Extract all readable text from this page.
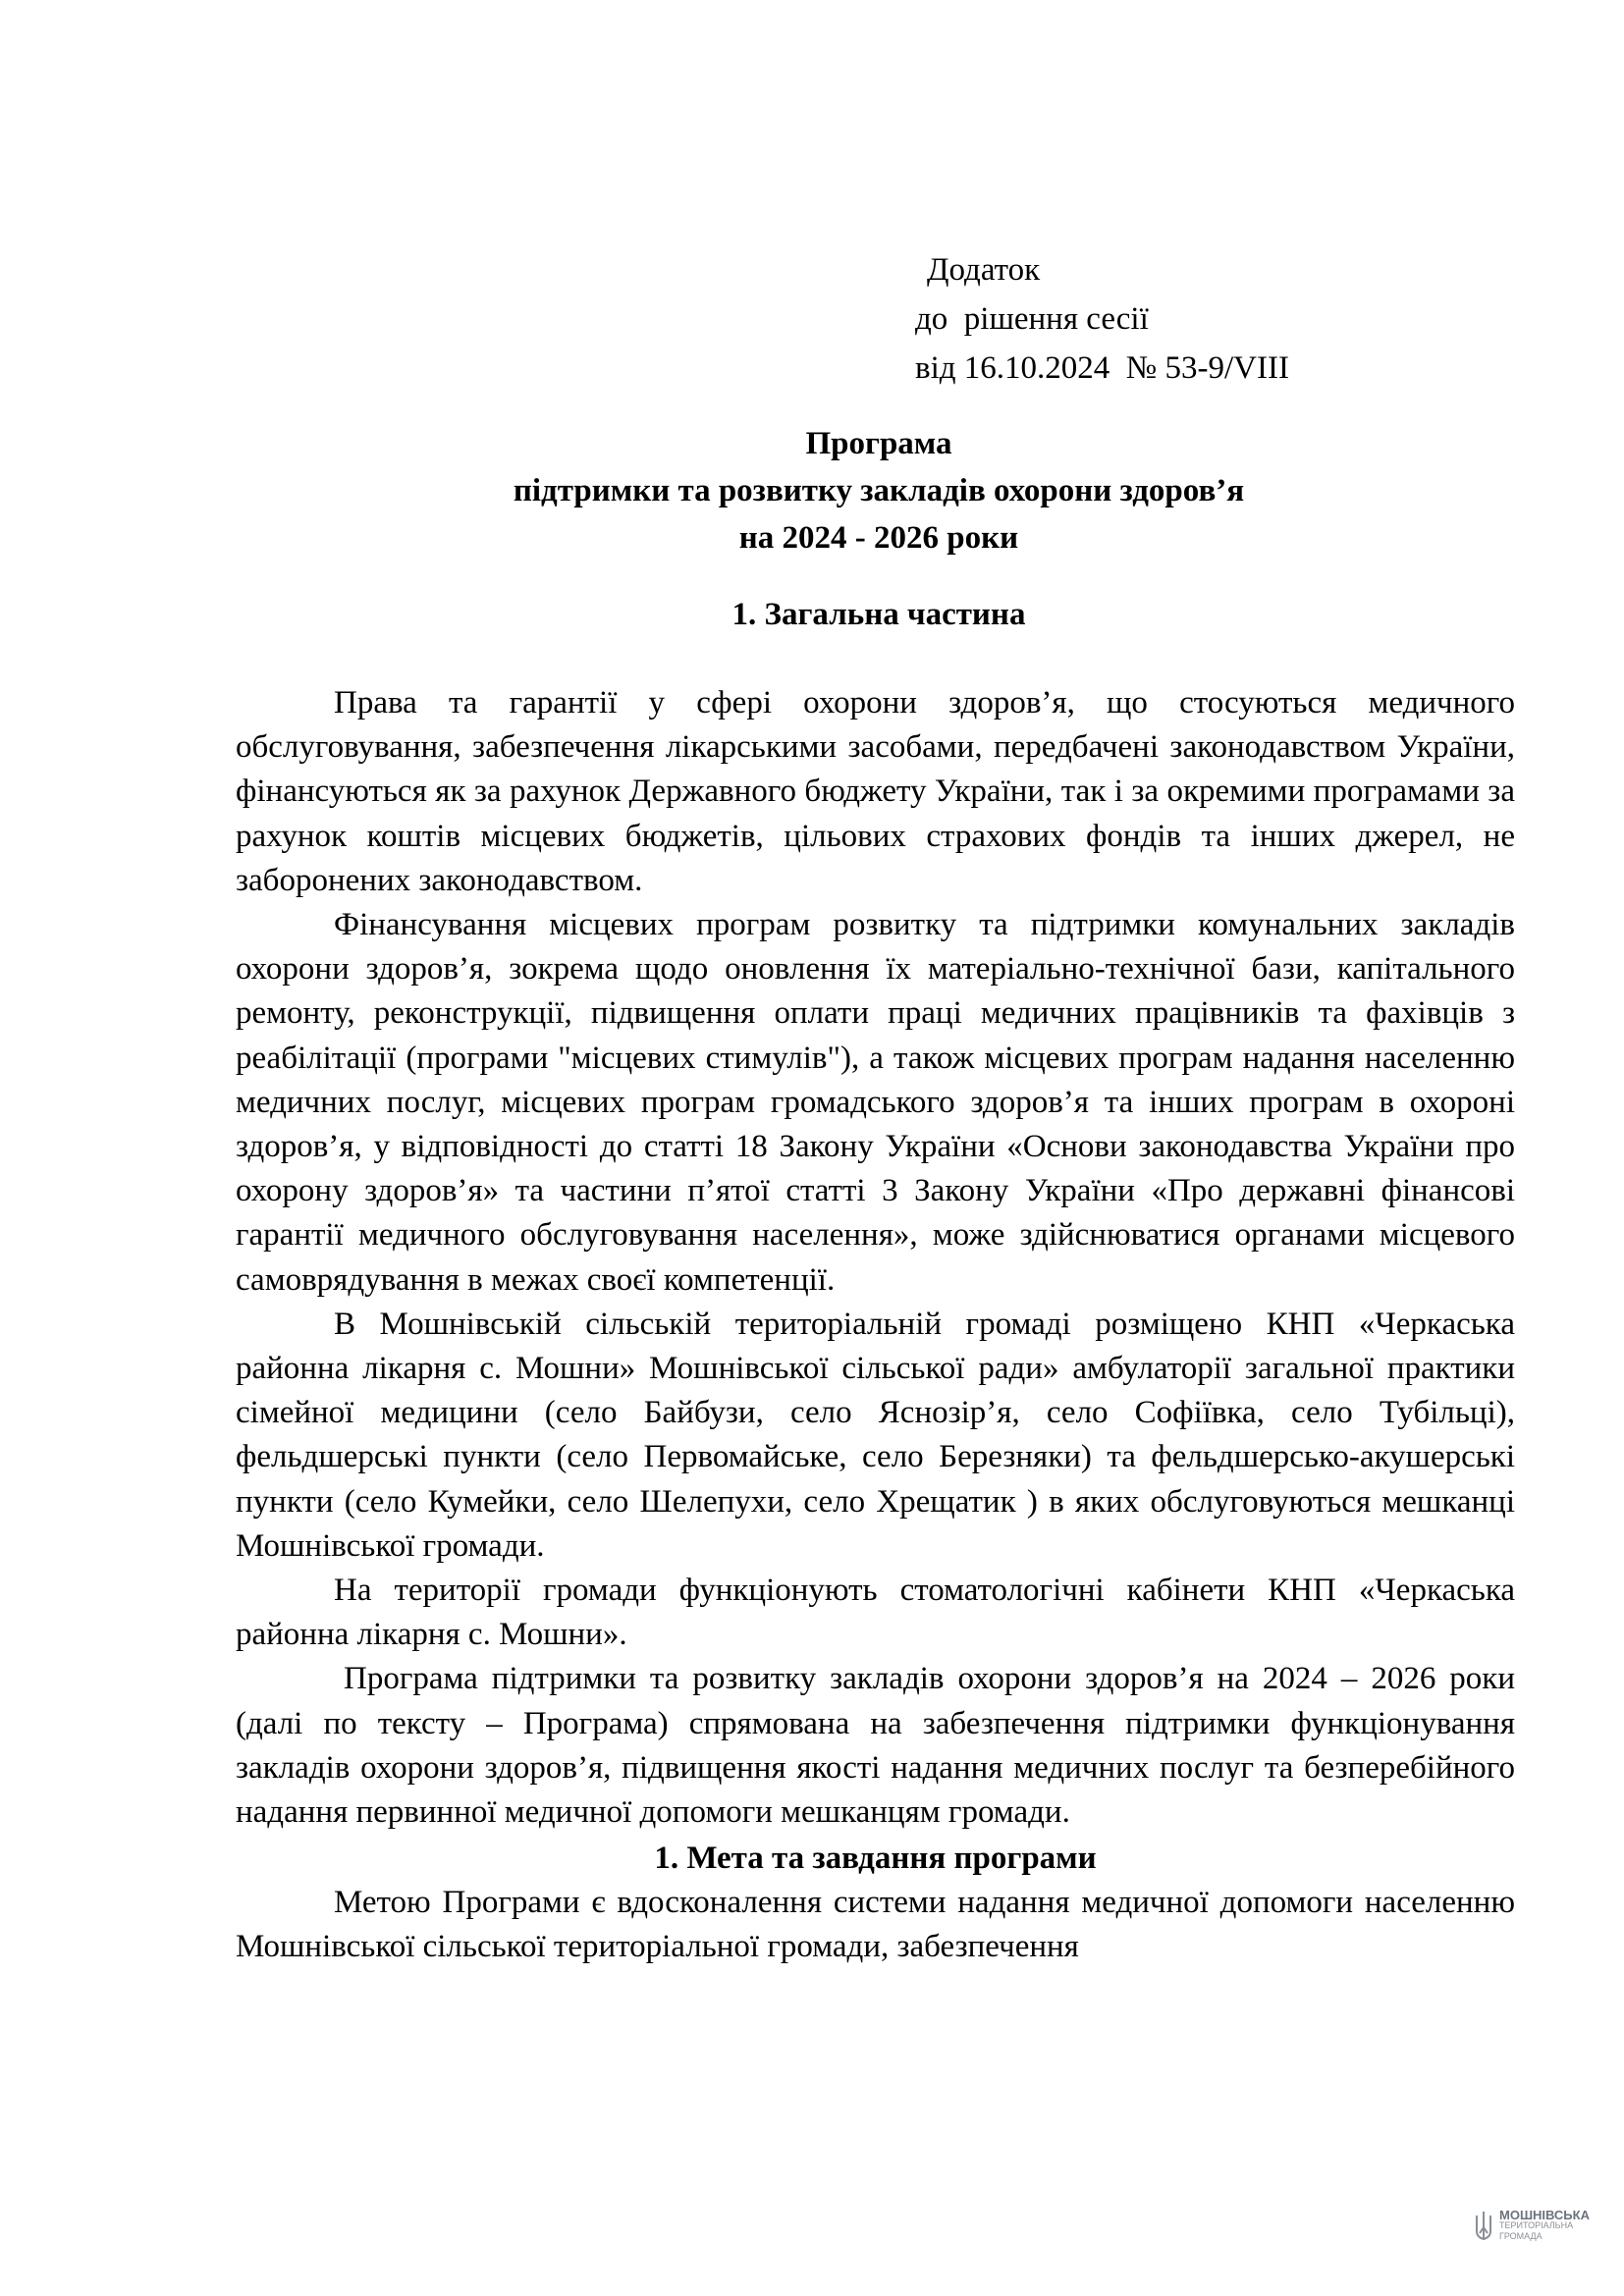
Додаток
до  рішення сесії
від 16.10.2024  № 53-9/VIII
Програма
підтримки та розвитку закладів охорони здоров’я
на 2024 - 2026 роки
1. Загальна частина

Права та гарантії у сфері охорони здоров’я, що стосуються медичного обслуговування, забезпечення лікарськими засобами, передбачені законодавством України, фінансуються як за рахунок Державного бюджету України, так і за окремими програмами за рахунок коштів місцевих бюджетів, цільових страхових фондів та інших джерел, не заборонених законодавством.

Фінансування місцевих програм розвитку та підтримки комунальних закладів охорони здоров’я, зокрема щодо оновлення їх матеріально-технічної бази, капітального ремонту, реконструкції, підвищення оплати праці медичних працівників та фахівців з реабілітації (програми "місцевих стимулів"), а також місцевих програм надання населенню медичних послуг, місцевих програм громадського здоров’я та інших програм в охороні здоров’я, у відповідності до статті 18 Закону України «Основи законодавства України про охорону здоров’я» та частини п’ятої статті 3 Закону України «Про державні фінансові гарантії медичного обслуговування населення», може здійснюватися органами місцевого самоврядування в межах своєї компетенції.

В Мошнівській сільській територіальній громаді розміщено КНП «Черкаська районна лікарня с. Мошни» Мошнівської сільської ради» амбулаторії загальної практики сімейної медицини (село Байбузи, село Яснозір’я, село Софіївка, село Тубільці), фельдшерські пункти (село Первомайське, село Березняки) та фельдшерсько-акушерські пункти (село Кумейки, село Шелепухи, село Хрещатик ) в яких обслуговуються мешканці Мошнівської громади.

На території громади функціонують стоматологічні кабінети КНП «Черкаська районна лікарня с. Мошни».

Програма підтримки та розвитку закладів охорони здоров’я на 2024 – 2026 роки (далі по тексту – Програма) спрямована на забезпечення підтримки функціонування закладів охорони здоров’я, підвищення якості надання медичних послуг та безперебійного надання первинної медичної допомоги мешканцям громади.

1. Мета та завдання програми

Метою Програми є вдосконалення системи надання медичної допомоги населенню Мошнівської сільської територіальної громади, забезпечення

МОШНІВСЬКА
ТЕРИТОРІАЛЬНА
ГРОМАДА
